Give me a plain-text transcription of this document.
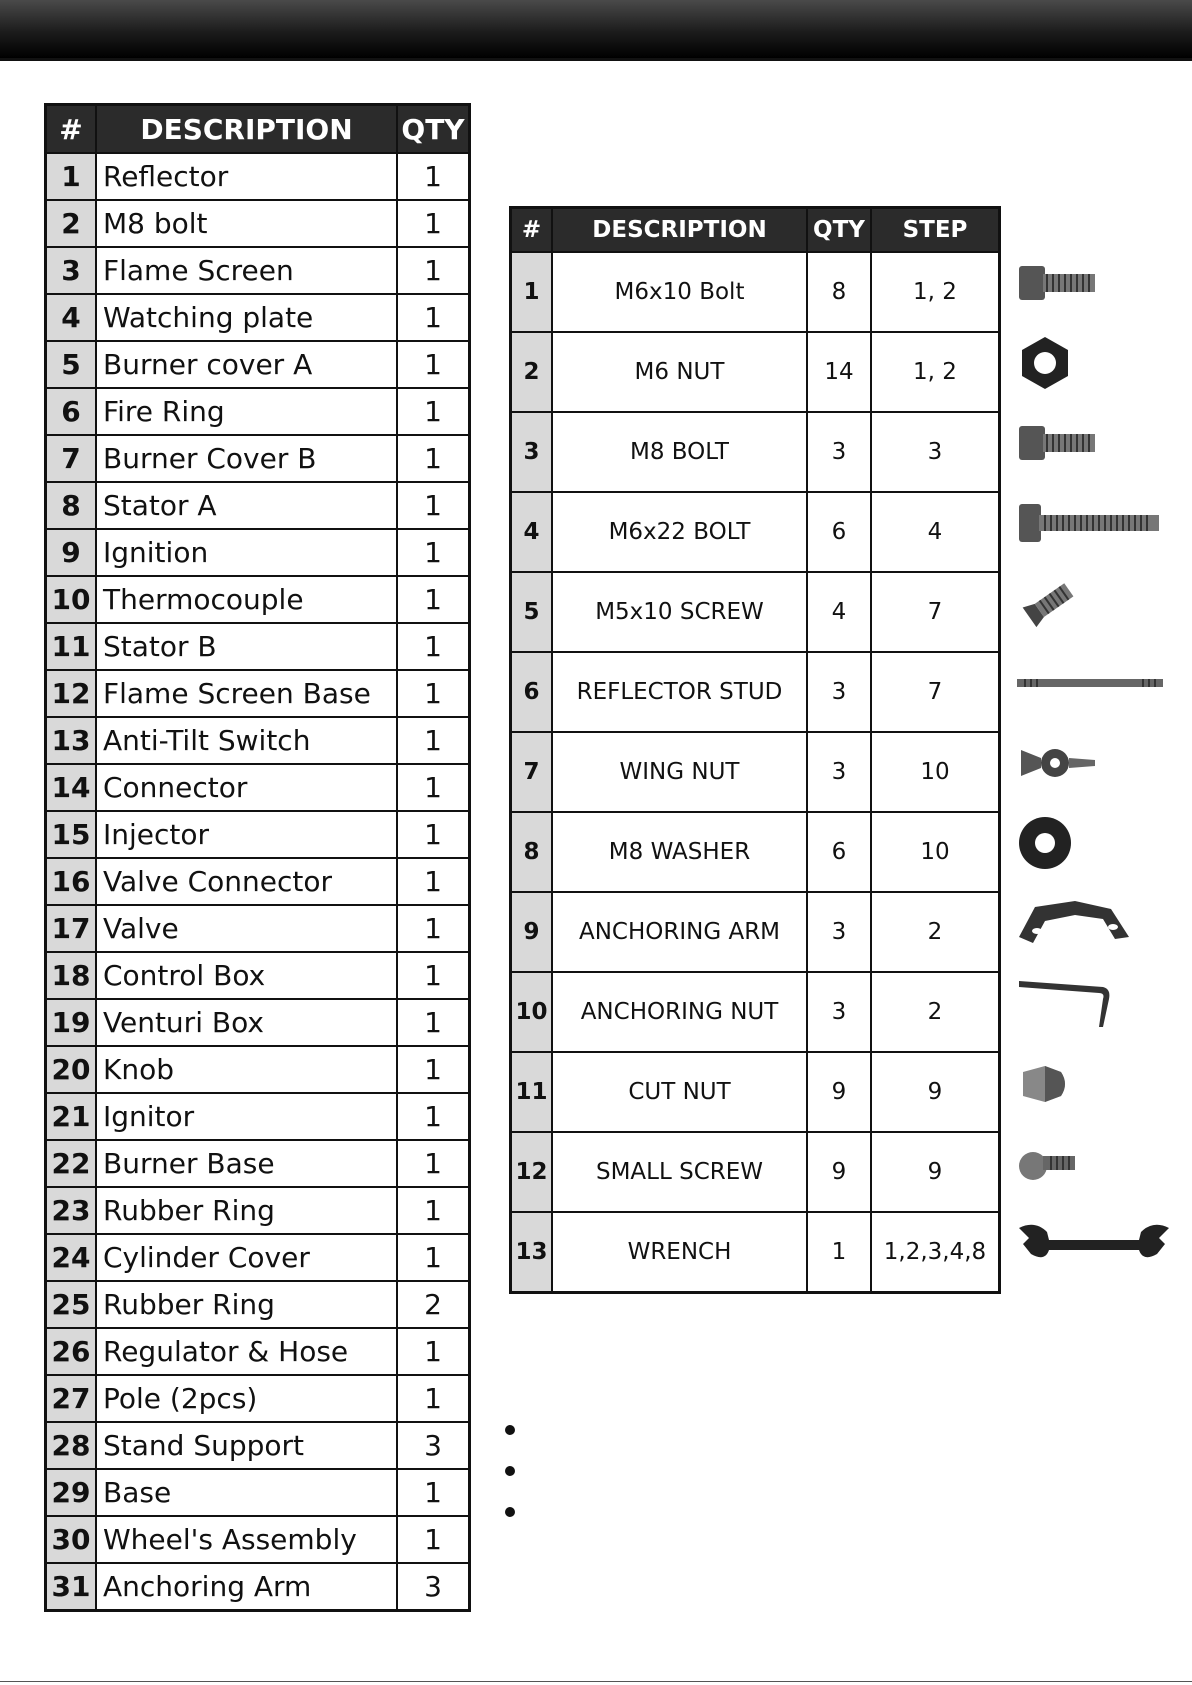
#	DESCRIPTION	QTY
1	Reflector	1
2	M8 bolt	1
3	Flame Screen	1
4	Watching plate	1
5	Burner cover A	1
6	Fire Ring	1
7	Burner Cover B	1
8	Stator A	1
9	Ignition	1
10	Thermocouple	1
11	Stator B	1
12	Flame Screen Base	1
13	Anti-Tilt Switch	1
14	Connector	1
15	Injector	1
16	Valve Connector	1
17	Valve	1
18	Control Box	1
19	Venturi Box	1
20	Knob	1
21	Ignitor	1
22	Burner Base	1
23	Rubber Ring	1
24	Cylinder Cover	1
25	Rubber Ring	2
26	Regulator & Hose	1
27	Pole (2pcs)	1
28	Stand Support	3
29	Base	1
30	Wheel's Assembly	1
31	Anchoring Arm	3
#	DESCRIPTION	QTY	STEP
1	M6x10 Bolt	8	1, 2
2	M6 NUT	14	1, 2
3	M8 BOLT	3	3
4	M6x22 BOLT	6	4
5	M5x10 SCREW	4	7
6	REFLECTOR STUD	3	7
7	WING NUT	3	10
8	M8 WASHER	6	10
9	ANCHORING ARM	3	2
10	ANCHORING NUT	3	2
11	CUT NUT	9	9
12	SMALL SCREW	9	9
13	WRENCH	1	1,2,3,4,8
